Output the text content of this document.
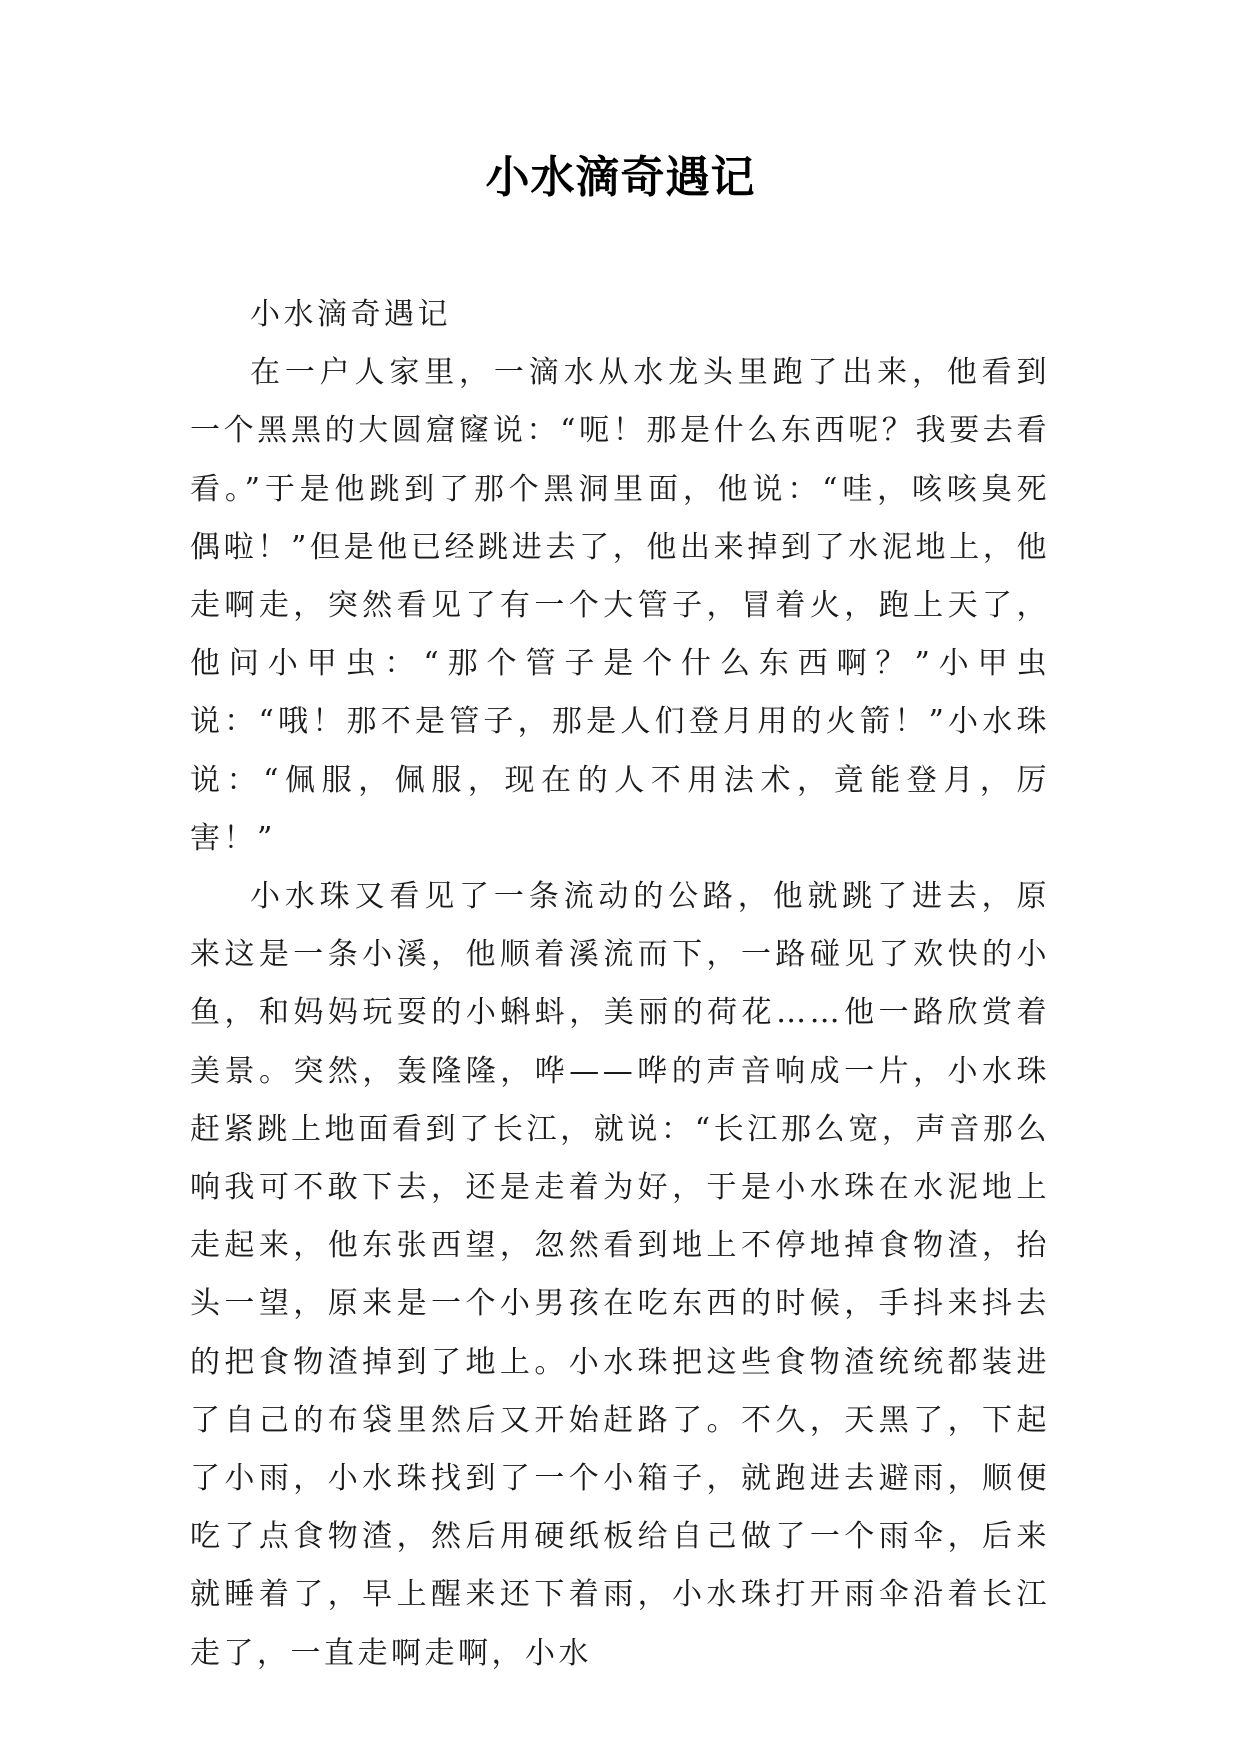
小水滴奇遇记

小水滴奇遇记

在一户人家里，一滴水从水龙头里跑了出来，他看到一个黑黑的大圆窟窿说：“呃！那是什么东西呢？我要去看看。”于是他跳到了那个黑洞里面，他说：“哇，咳咳臭死偶啦！”但是他已经跳进去了，他出来掉到了水泥地上，他走啊走，突然看见了有一个大管子，冒着火，跑上天了，他问小甲虫：“那个管子是个什么东西啊？”小甲虫说：“哦！那不是管子，那是人们登月用的火箭！”小水珠说：“佩服，佩服，现在的人不用法术，竟能登月，厉害！”

小水珠又看见了一条流动的公路，他就跳了进去，原来这是一条小溪，他顺着溪流而下，一路碰见了欢快的小鱼，和妈妈玩耍的小蝌蚪，美丽的荷花……他一路欣赏着美景。突然，轰隆隆，哗——哗的声音响成一片，小水珠赶紧跳上地面看到了长江，就说：“长江那么宽，声音那么响我可不敢下去，还是走着为好，于是小水珠在水泥地上走起来，他东张西望，忽然看到地上不停地掉食物渣，抬头一望，原来是一个小男孩在吃东西的时候，手抖来抖去的把食物渣掉到了地上。小水珠把这些食物渣统统都装进了自己的布袋里然后又开始赶路了。不久，天黑了，下起了小雨，小水珠找到了一个小箱子，就跑进去避雨，顺便吃了点食物渣，然后用硬纸板给自己做了一个雨伞，后来就睡着了，早上醒来还下着雨，小水珠打开雨伞沿着长江走了，一直走啊走啊，小水
